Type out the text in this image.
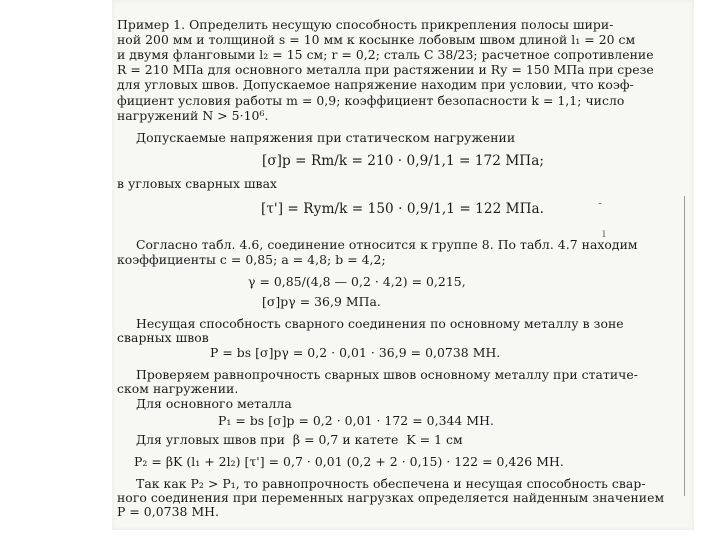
-
ı
Пример 1. Определить несущую способность прикрепления полосы шири-
ной 200 мм и толщиной s = 10 мм к косынке лобовым швом длиной l₁ = 20 см
и двумя фланговыми l₂ = 15 см; r = 0,2; сталь С 38/23; расчетное сопротивление
R = 210 МПа для основного металла при растяжении и Rу = 150 МПа при срезе
для угловых швов. Допускаемое напряжение находим при условии, что коэф-
фициент условия работы m = 0,9; коэффициент безопасности k = 1,1; число
нагружений N > 5·10⁶.
Допускаемые напряжения при статическом нагружении
[σ]р = Rm/k = 210 · 0,9/1,1 = 172 МПа;
в угловых сварных швах
[τ'] = Rуm/k = 150 · 0,9/1,1 = 122 МПа.
Согласно табл. 4.6, соединение относится к группе 8. По табл. 4.7 находим
коэффициенты c = 0,85; a = 4,8; b = 4,2;
γ = 0,85/(4,8 — 0,2 · 4,2) = 0,215,
[σ]рγ = 36,9 МПа.
Несущая способность сварного соединения по основному металлу в зоне
сварных швов
P = bs [σ]рγ = 0,2 · 0,01 · 36,9 = 0,0738 МН.
Проверяем равнопрочность сварных швов основному металлу при статиче-
ском нагружении.
Для основного металла
P₁ = bs [σ]р = 0,2 · 0,01 · 172 = 0,344 МН.
Для угловых швов при  β = 0,7 и катете  K = 1 см
P₂ = βK (l₁ + 2l₂) [τ'] = 0,7 · 0,01 (0,2 + 2 · 0,15) · 122 = 0,426 МН.
Так как P₂ > P₁, то равнопрочность обеспечена и несущая способность свар-
ного соединения при переменных нагрузках определяется найденным значением
P = 0,0738 МН.
